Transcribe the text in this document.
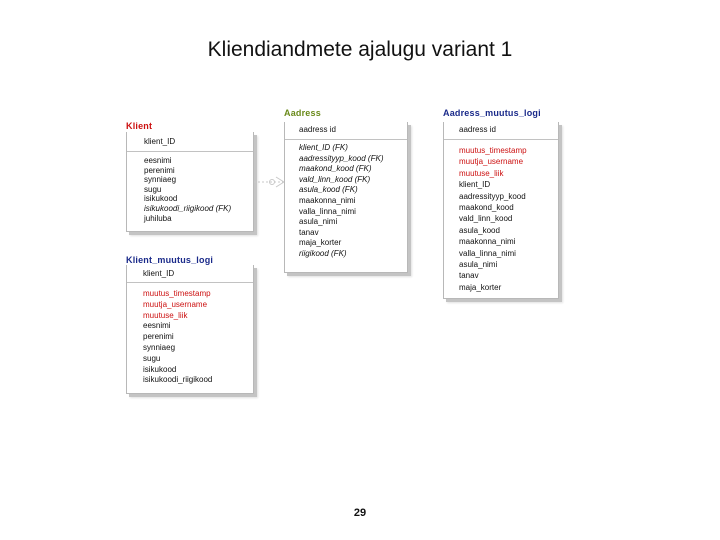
Kliendiandmete ajalugu variant 1
Klient
klient_ID
eesnimi
perenimi
synniaeg
sugu
isikukood
isikukoodi_riigikood (FK)
juhiluba
Aadress
aadress id
klient_ID (FK)
aadressityyp_kood (FK)
maakond_kood (FK)
vald_linn_kood (FK)
asula_kood (FK)
maakonna_nimi
valla_linna_nimi
asula_nimi
tanav
maja_korter
riigikood (FK)
Aadress_muutus_logi
aadress id
muutus_timestamp
muutja_username
muutuse_liik
klient_ID
aadressityyp_kood
maakond_kood
vald_linn_kood
asula_kood
maakonna_nimi
valla_linna_nimi
asula_nimi
tanav
maja_korter
Klient_muutus_logi
klient_ID
muutus_timestamp
muutja_username
muutuse_liik
eesnimi
perenimi
synniaeg
sugu
isikukood
isikukoodi_riigikood
29
